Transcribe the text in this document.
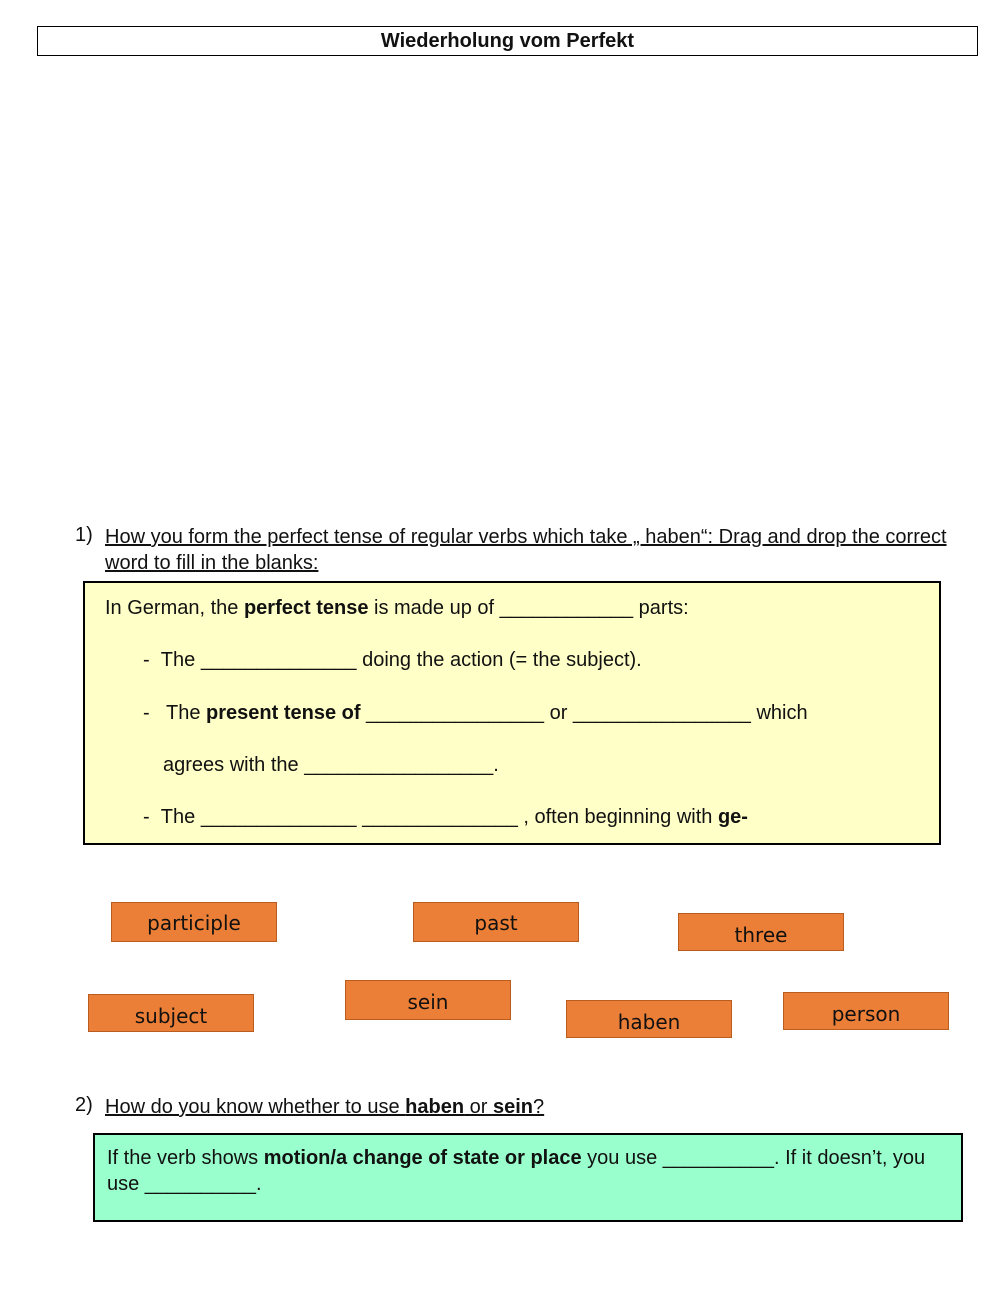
Wiederholung vom Perfekt
1) How you form the perfect tense of regular verbs which take „ haben“: Drag and drop the correct word to fill in the blanks:
In German, the perfect tense is made up of ____________ parts:
- The ______________ doing the action (= the subject).
-   The present tense of ________________ or ________________ which
agrees with the _________________.
- The ______________ ______________ , often beginning with ge-
participle	past	three
subject
sein
haben	person
2) How do you know whether to use haben or sein?
If the verb shows motion/a change of state or place you use __________. If it doesn’t, you use __________.
